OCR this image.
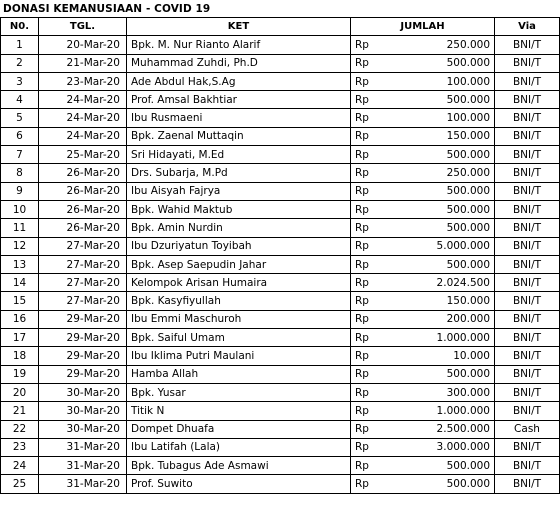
DONASI KEMANUSIAAN - COVID 19
N0.	TGL.	KET	JUMLAH		Via
1	20-Mar-20	Bpk. M. Nur Rianto Alarif	Rp	250.000	BNI/T
2	21-Mar-20	Muhammad Zuhdi, Ph.D	Rp	500.000	BNI/T
3	23-Mar-20	Ade Abdul Hak,S.Ag	Rp	100.000	BNI/T
4	24-Mar-20	Prof. Amsal Bakhtiar	Rp	500.000	BNI/T
5	24-Mar-20	Ibu Rusmaeni	Rp	100.000	BNI/T
6	24-Mar-20	Bpk. Zaenal Muttaqin	Rp	150.000	BNI/T
7	25-Mar-20	Sri Hidayati, M.Ed	Rp	500.000	BNI/T
8	26-Mar-20	Drs. Subarja, M.Pd	Rp	250.000	BNI/T
9	26-Mar-20	Ibu Aisyah Fajrya	Rp	500.000	BNI/T
10	26-Mar-20	Bpk. Wahid Maktub	Rp	500.000	BNI/T
11	26-Mar-20	Bpk. Amin Nurdin	Rp	500.000	BNI/T
12	27-Mar-20	Ibu Dzuriyatun Toyibah	Rp	5.000.000	BNI/T
13	27-Mar-20	Bpk. Asep Saepudin Jahar	Rp	500.000	BNI/T
14	27-Mar-20	Kelompok Arisan Humaira	Rp	2.024.500	BNI/T
15	27-Mar-20	Bpk. Kasyfiyullah	Rp	150.000	BNI/T
16	29-Mar-20	Ibu Emmi Maschuroh	Rp	200.000	BNI/T
17	29-Mar-20	Bpk. Saiful Umam	Rp	1.000.000	BNI/T
18	29-Mar-20	Ibu Iklima Putri Maulani	Rp	10.000	BNI/T
19	29-Mar-20	Hamba Allah	Rp	500.000	BNI/T
20	30-Mar-20	Bpk. Yusar	Rp	300.000	BNI/T
21	30-Mar-20	Titik N	Rp	1.000.000	BNI/T
22	30-Mar-20	Dompet Dhuafa	Rp	2.500.000	Cash
23	31-Mar-20	Ibu Latifah (Lala)	Rp	3.000.000	BNI/T
24	31-Mar-20	Bpk. Tubagus Ade Asmawi	Rp	500.000	BNI/T
25	31-Mar-20	Prof. Suwito	Rp	500.000	BNI/T
